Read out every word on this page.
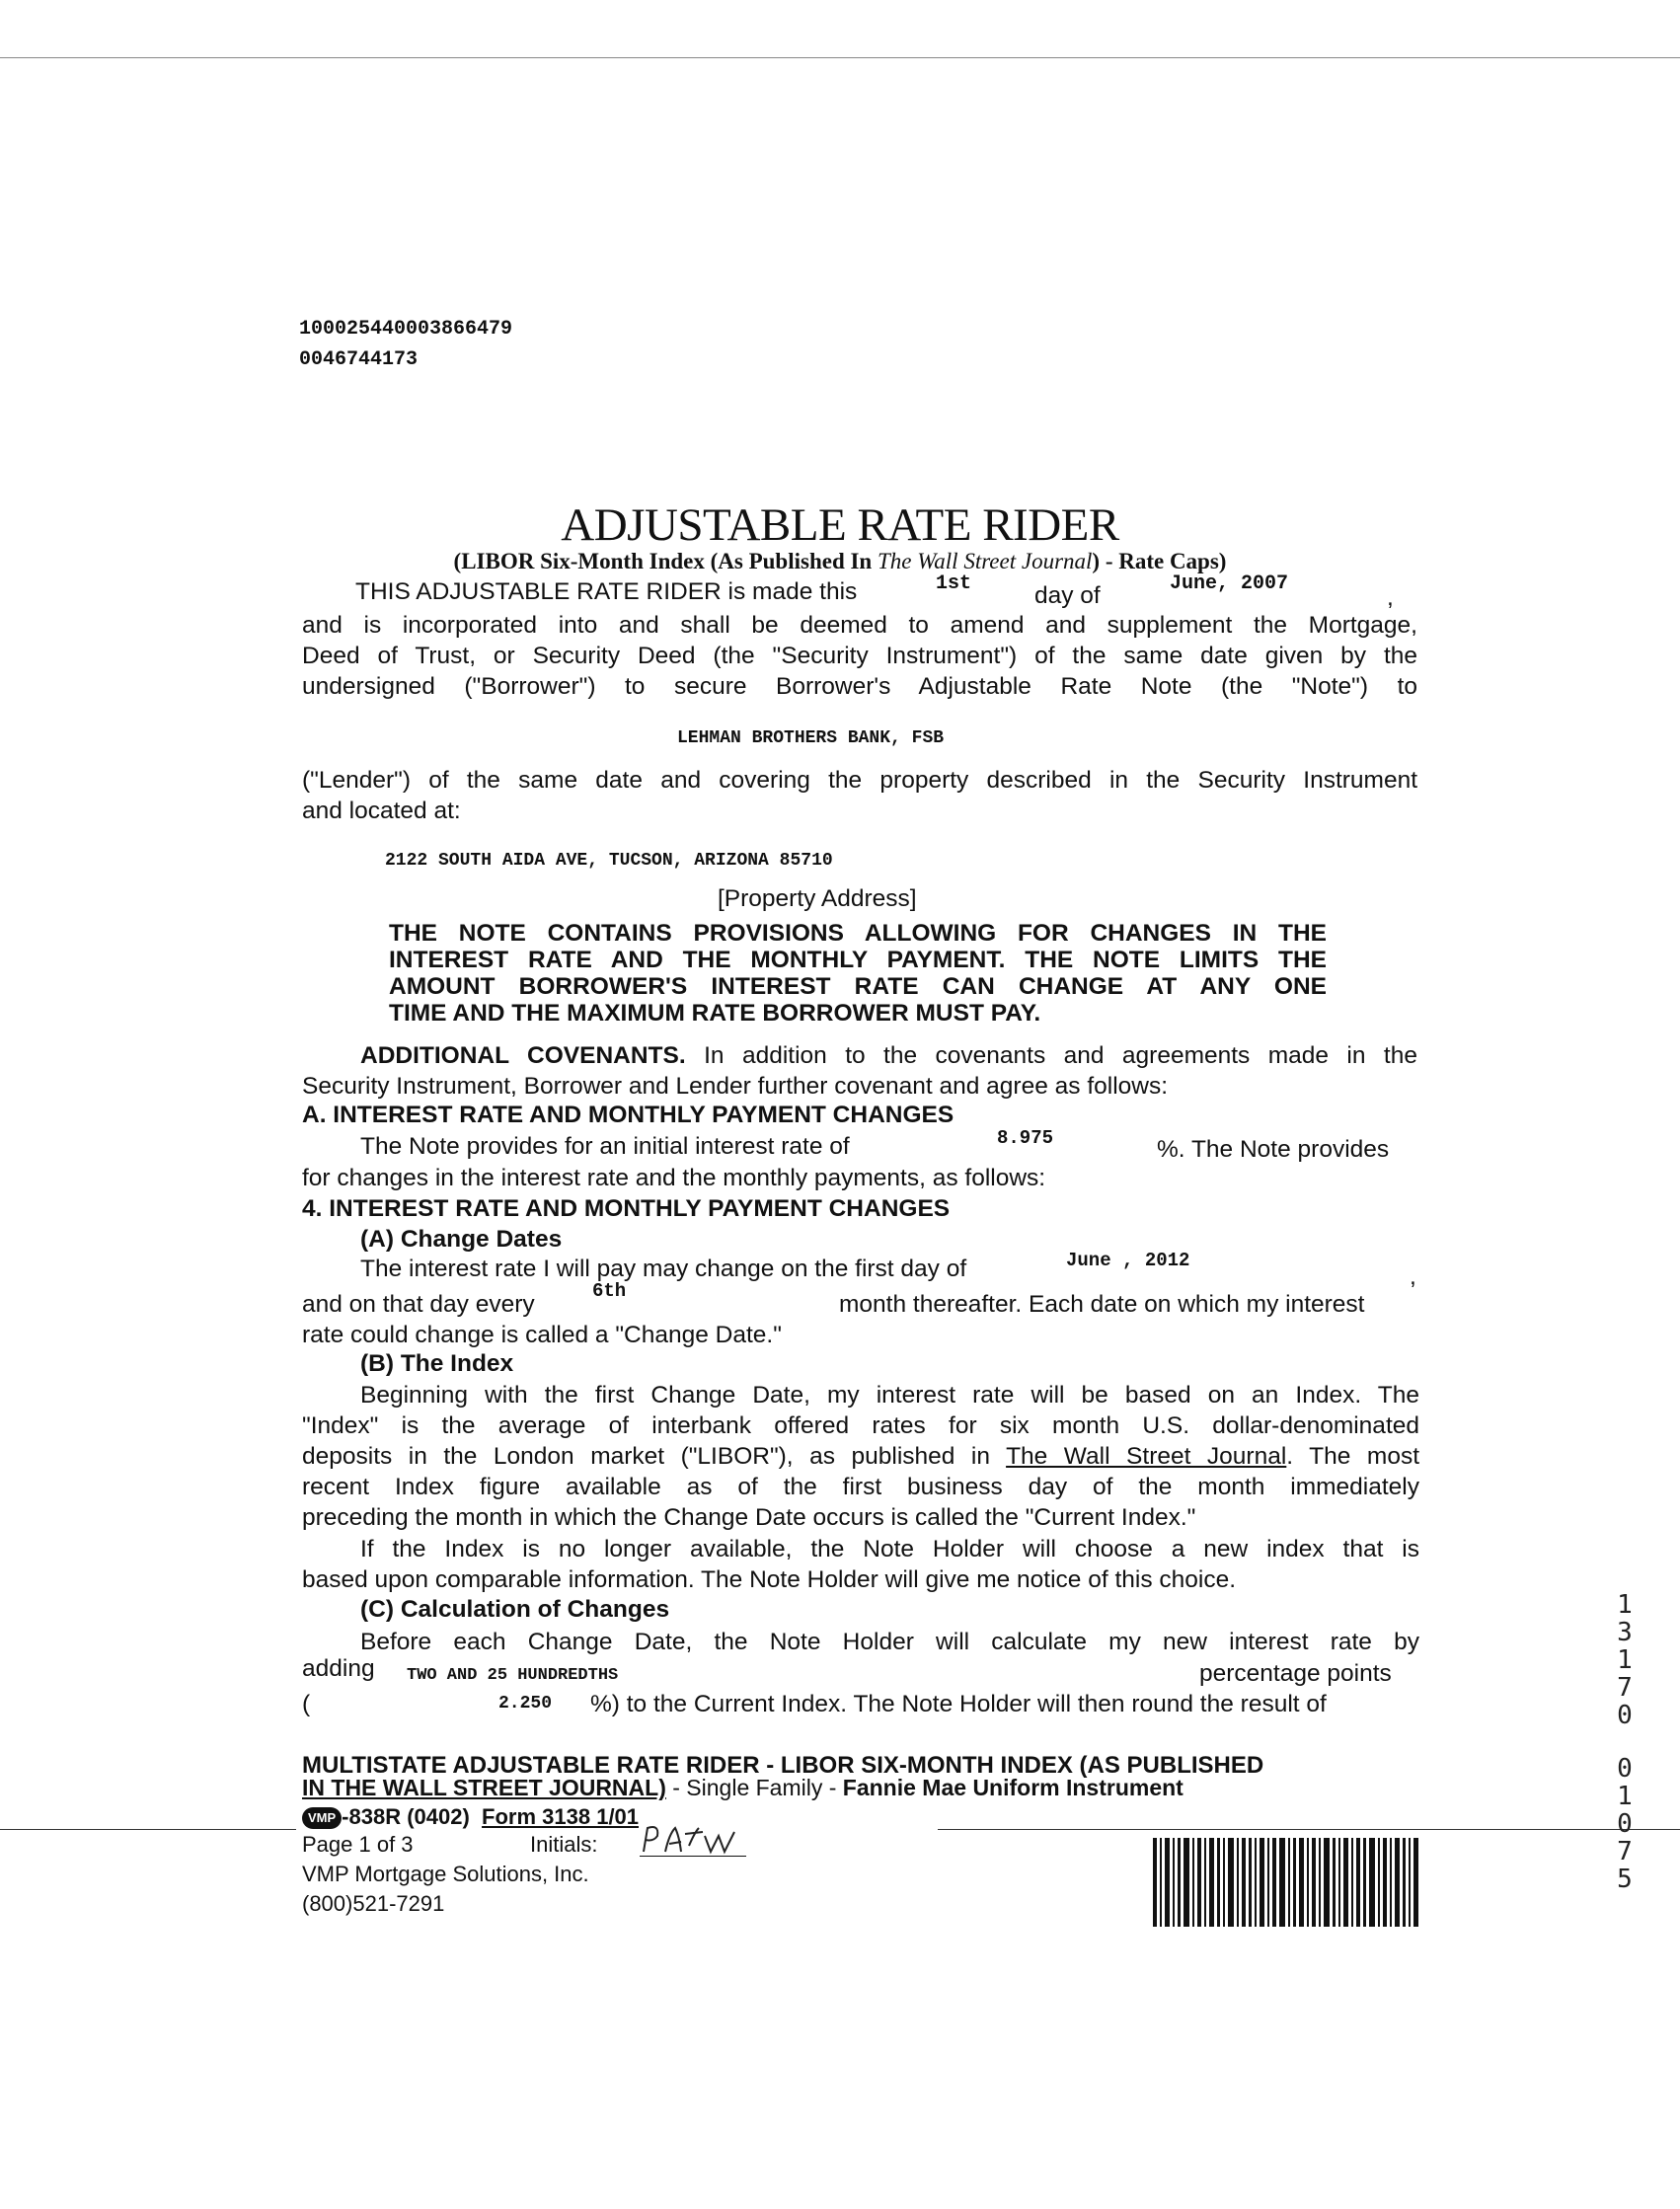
1000254400038664​79
0046744173
ADJUSTABLE RATE RIDER
(LIBOR Six-Month Index (As Published In The Wall Street Journal) - Rate Caps)
THIS ADJUSTABLE RATE RIDER is made this	1st	day of	June, 2007
,
and is incorporated into and shall be deemed to amend and supplement the Mortgage,
Deed of Trust, or Security Deed (the "Security Instrument") of the same date given by the
undersigned ("Borrower") to secure Borrower's Adjustable Rate Note (the "Note") to
LEHMAN BROTHERS BANK, FSB
("Lender") of the same date and covering the property described in the Security Instrument
and located at:
2122 SOUTH AIDA AVE, TUCSON, ARIZONA 85710
[Property Address]
THE NOTE CONTAINS PROVISIONS ALLOWING FOR CHANGES IN THE
INTEREST RATE AND THE MONTHLY PAYMENT. THE NOTE LIMITS THE
AMOUNT BORROWER'S INTEREST RATE CAN CHANGE AT ANY ONE
TIME AND THE MAXIMUM RATE BORROWER MUST PAY.
ADDITIONAL COVENANTS. In addition to the covenants and agreements made in the
Security Instrument, Borrower and Lender further covenant and agree as follows:
A. INTEREST RATE AND MONTHLY PAYMENT CHANGES
The Note provides for an initial interest rate of	8.975	%. The Note provides
for changes in the interest rate and the monthly payments, as follows:
4. INTEREST RATE AND MONTHLY PAYMENT CHANGES
(A) Change Dates
The interest rate I will pay may change on the first day of	June , 2012
,
and on that day every	6th	month thereafter. Each date on which my interest
rate could change is called a "Change Date."
(B) The Index
Beginning with the first Change Date, my interest rate will be based on an Index. The
"Index" is the average of interbank offered rates for six month U.S. dollar-denominated
deposits in the London market ("LIBOR"), as published in The Wall Street Journal. The most
recent Index figure available as of the first business day of the month immediately
preceding the month in which the Change Date occurs is called the "Current Index."
If the Index is no longer available, the Note Holder will choose a new index that is
based upon comparable information. The Note Holder will give me notice of this choice.
(C) Calculation of Changes
Before each Change Date, the Note Holder will calculate my new interest rate by
adding TWO AND 25 HUNDREDTHS	percentage points
(	2.250 %) to the Current Index. The Note Holder will then round the result of
MULTISTATE ADJUSTABLE RATE RIDER - LIBOR SIX-MONTH INDEX (AS PUBLISHED
IN THE WALL STREET JOURNAL) - Single Family - Fannie Mae Uniform Instrument
VMP -838R (0402) Form 3138 1/01
Page 1 of 3	Initials:
VMP Mortgage Solutions, Inc.
(800)521-7291
1
3
1
7
0
0
1
0
7
5
